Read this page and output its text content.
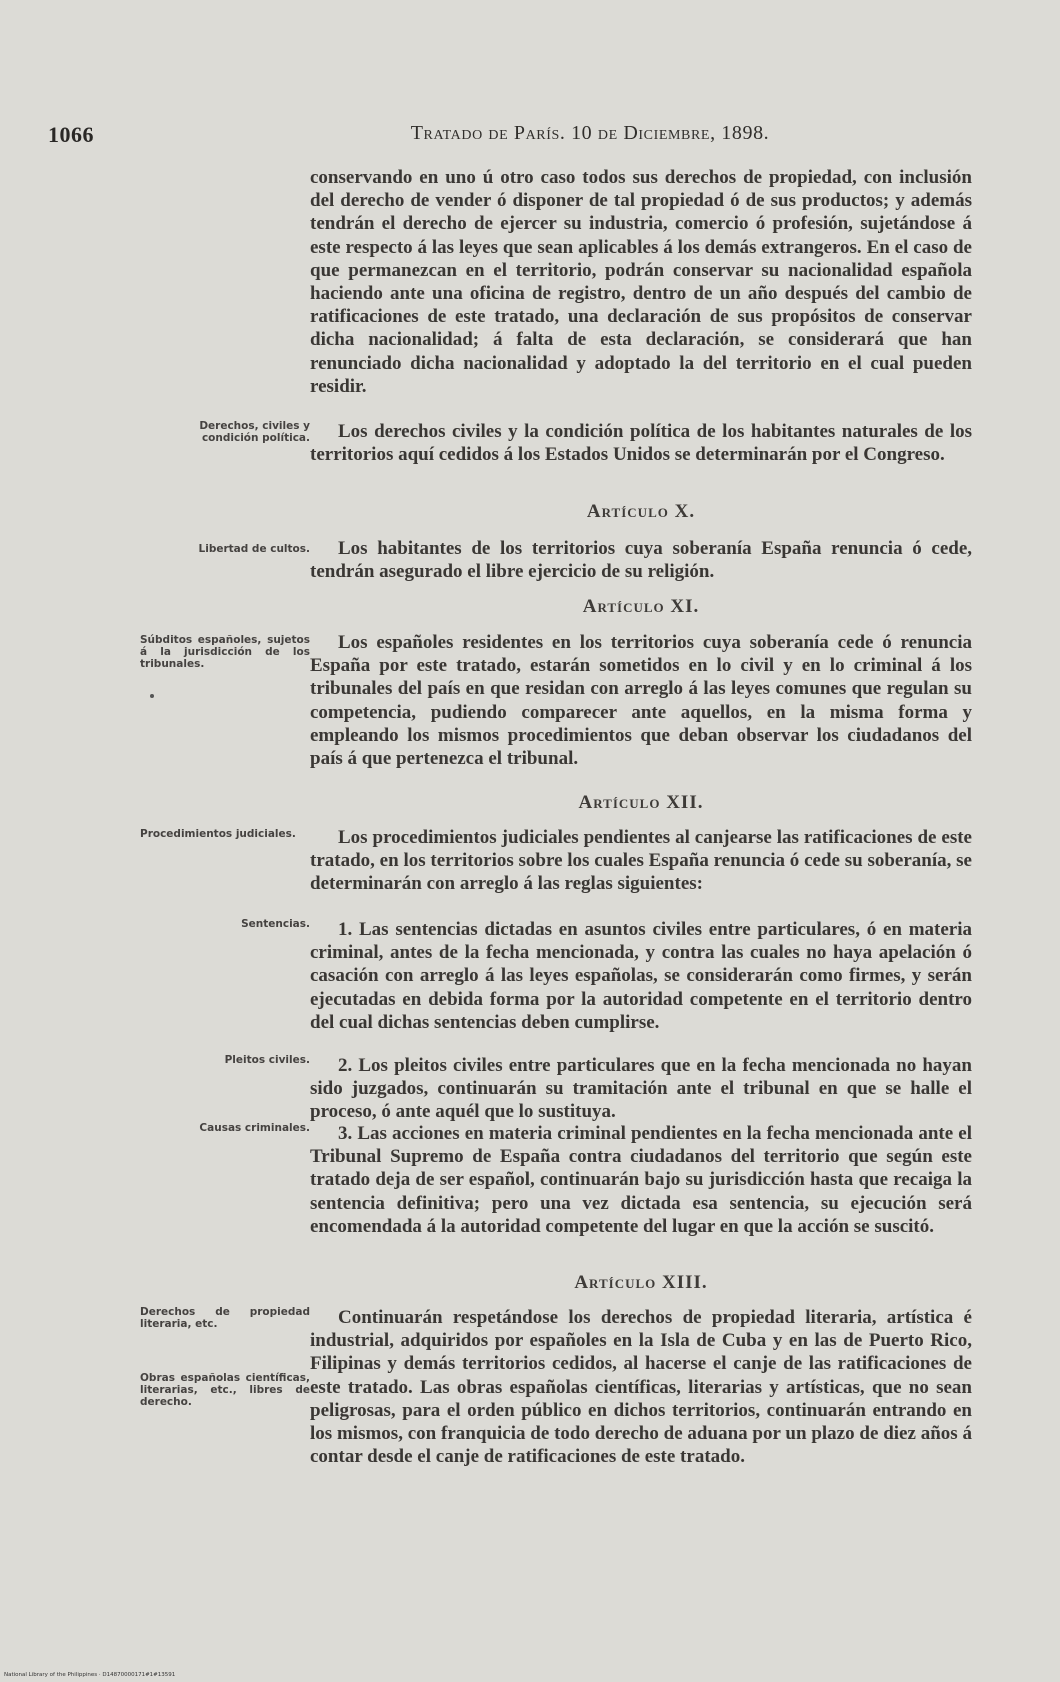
1066	Tratado de París. 10 de Diciembre, 1898.

conservando en uno ú otro caso todos sus derechos de propiedad, con inclusión del derecho de vender ó disponer de tal propiedad ó de sus productos; y además tendrán el derecho de ejercer su industria, comercio ó profesión, sujetándose á este respecto á las leyes que sean aplicables á los demás extrangeros. En el caso de que permanezcan en el territorio, podrán conservar su nacionalidad española haciendo ante una oficina de registro, dentro de un año después del cambio de ratificaciones de este tratado, una declaración de sus propósitos de conservar dicha nacionalidad; á falta de esta declaración, se considerará que han renunciado dicha nacionalidad y adoptado la del territorio en el cual pueden residir.

Derechos, civiles y condición política.	Los derechos civiles y la condición política de los habitantes naturales de los territorios aquí cedidos á los Estados Unidos se determinarán por el Congreso.

Artículo X.
Libertad de cultos.	Los habitantes de los territorios cuya soberanía España renuncia ó cede, tendrán asegurado el libre ejercicio de su religión.

Artículo XI.
Súbditos españoles, sujetos á la jurisdicción de los tribunales.

Los españoles residentes en los territorios cuya soberanía cede ó renuncia España por este tratado, estarán sometidos en lo civil y en lo criminal á los tribunales del país en que residan con arreglo á las leyes comunes que regulan su competencia, pudiendo comparecer ante aquellos, en la misma forma y empleando los mismos procedimientos que deban observar los ciudadanos del país á que pertenezca el tribunal.

Artículo XII.
Procedimientos judiciales.	Los procedimientos judiciales pendientes al canjearse las ratificaciones de este tratado, en los territorios sobre los cuales España renuncia ó cede su soberanía, se determinarán con arreglo á las reglas siguientes:

Sentencias.	1. Las sentencias dictadas en asuntos civiles entre particulares, ó en materia criminal, antes de la fecha mencionada, y contra las cuales no haya apelación ó casación con arreglo á las leyes españolas, se considerarán como firmes, y serán ejecutadas en debida forma por la autoridad competente en el territorio dentro del cual dichas sentencias deben cumplirse.

Pleitos civiles.	2. Los pleitos civiles entre particulares que en la fecha mencionada no hayan sido juzgados, continuarán su tramitación ante el tribunal en que se halle el proceso, ó ante aquél que lo sustituya.

Causas criminales.	3. Las acciones en materia criminal pendientes en la fecha mencionada ante el Tribunal Supremo de España contra ciudadanos del territorio que según este tratado deja de ser español, continuarán bajo su jurisdicción hasta que recaiga la sentencia definitiva; pero una vez dictada esa sentencia, su ejecución será encomendada á la autoridad competente del lugar en que la acción se suscitó.

Artículo XIII.
Derechos de propiedad literaria, etc.
Obras españolas científicas, literarias, etc., libres de derecho.

Continuarán respetándose los derechos de propiedad literaria, artística é industrial, adquiridos por españoles en la Isla de Cuba y en las de Puerto Rico, Filipinas y demás territorios cedidos, al hacerse el canje de las ratificaciones de este tratado. Las obras españolas científicas, literarias y artísticas, que no sean peligrosas, para el orden público en dichos territorios, continuarán entrando en los mismos, con franquicia de todo derecho de aduana por un plazo de diez años á contar desde el canje de ratificaciones de este tratado.

National Library of the Philippines · D14870000171#1#13591
